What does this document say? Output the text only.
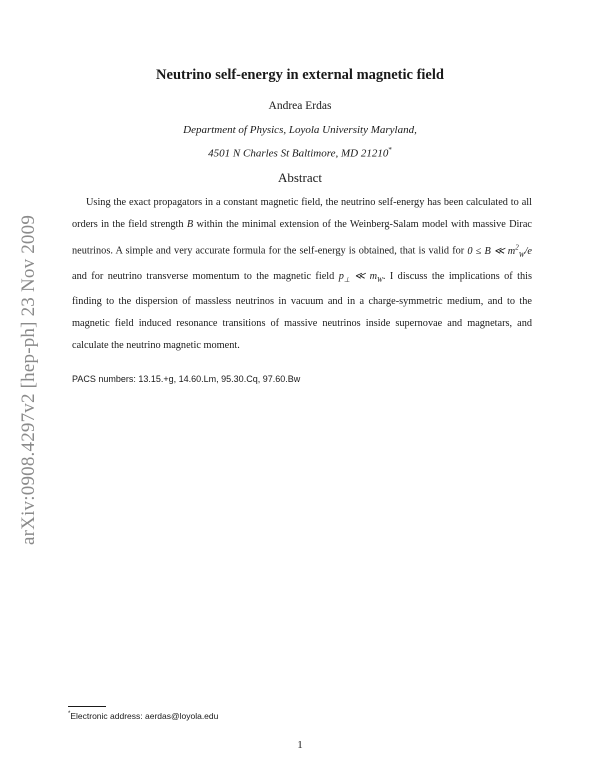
arXiv:0908.4297v2 [hep-ph] 23 Nov 2009
Neutrino self-energy in external magnetic field
Andrea Erdas
Department of Physics, Loyola University Maryland,
4501 N Charles St Baltimore, MD 21210*
Abstract

Using the exact propagators in a constant magnetic field, the neutrino self-energy has been calculated to all orders in the field strength B within the minimal extension of the Weinberg-Salam model with massive Dirac neutrinos. A simple and very accurate formula for the self-energy is obtained, that is valid for 0 ≤ B ≪ $m^2_W/e$ and for neutrino transverse momentum to the magnetic field $p_\perp$ ≪ $m_W$. I discuss the implications of this finding to the dispersion of massless neutrinos in vacuum and in a charge-symmetric medium, and to the magnetic field induced resonance transitions of massive neutrinos inside supernovae and magnetars, and calculate the neutrino magnetic moment.

PACS numbers: 13.15.+g, 14.60.Lm, 95.30.Cq, 97.60.Bw
*Electronic address: aerdas@loyola.edu
1
